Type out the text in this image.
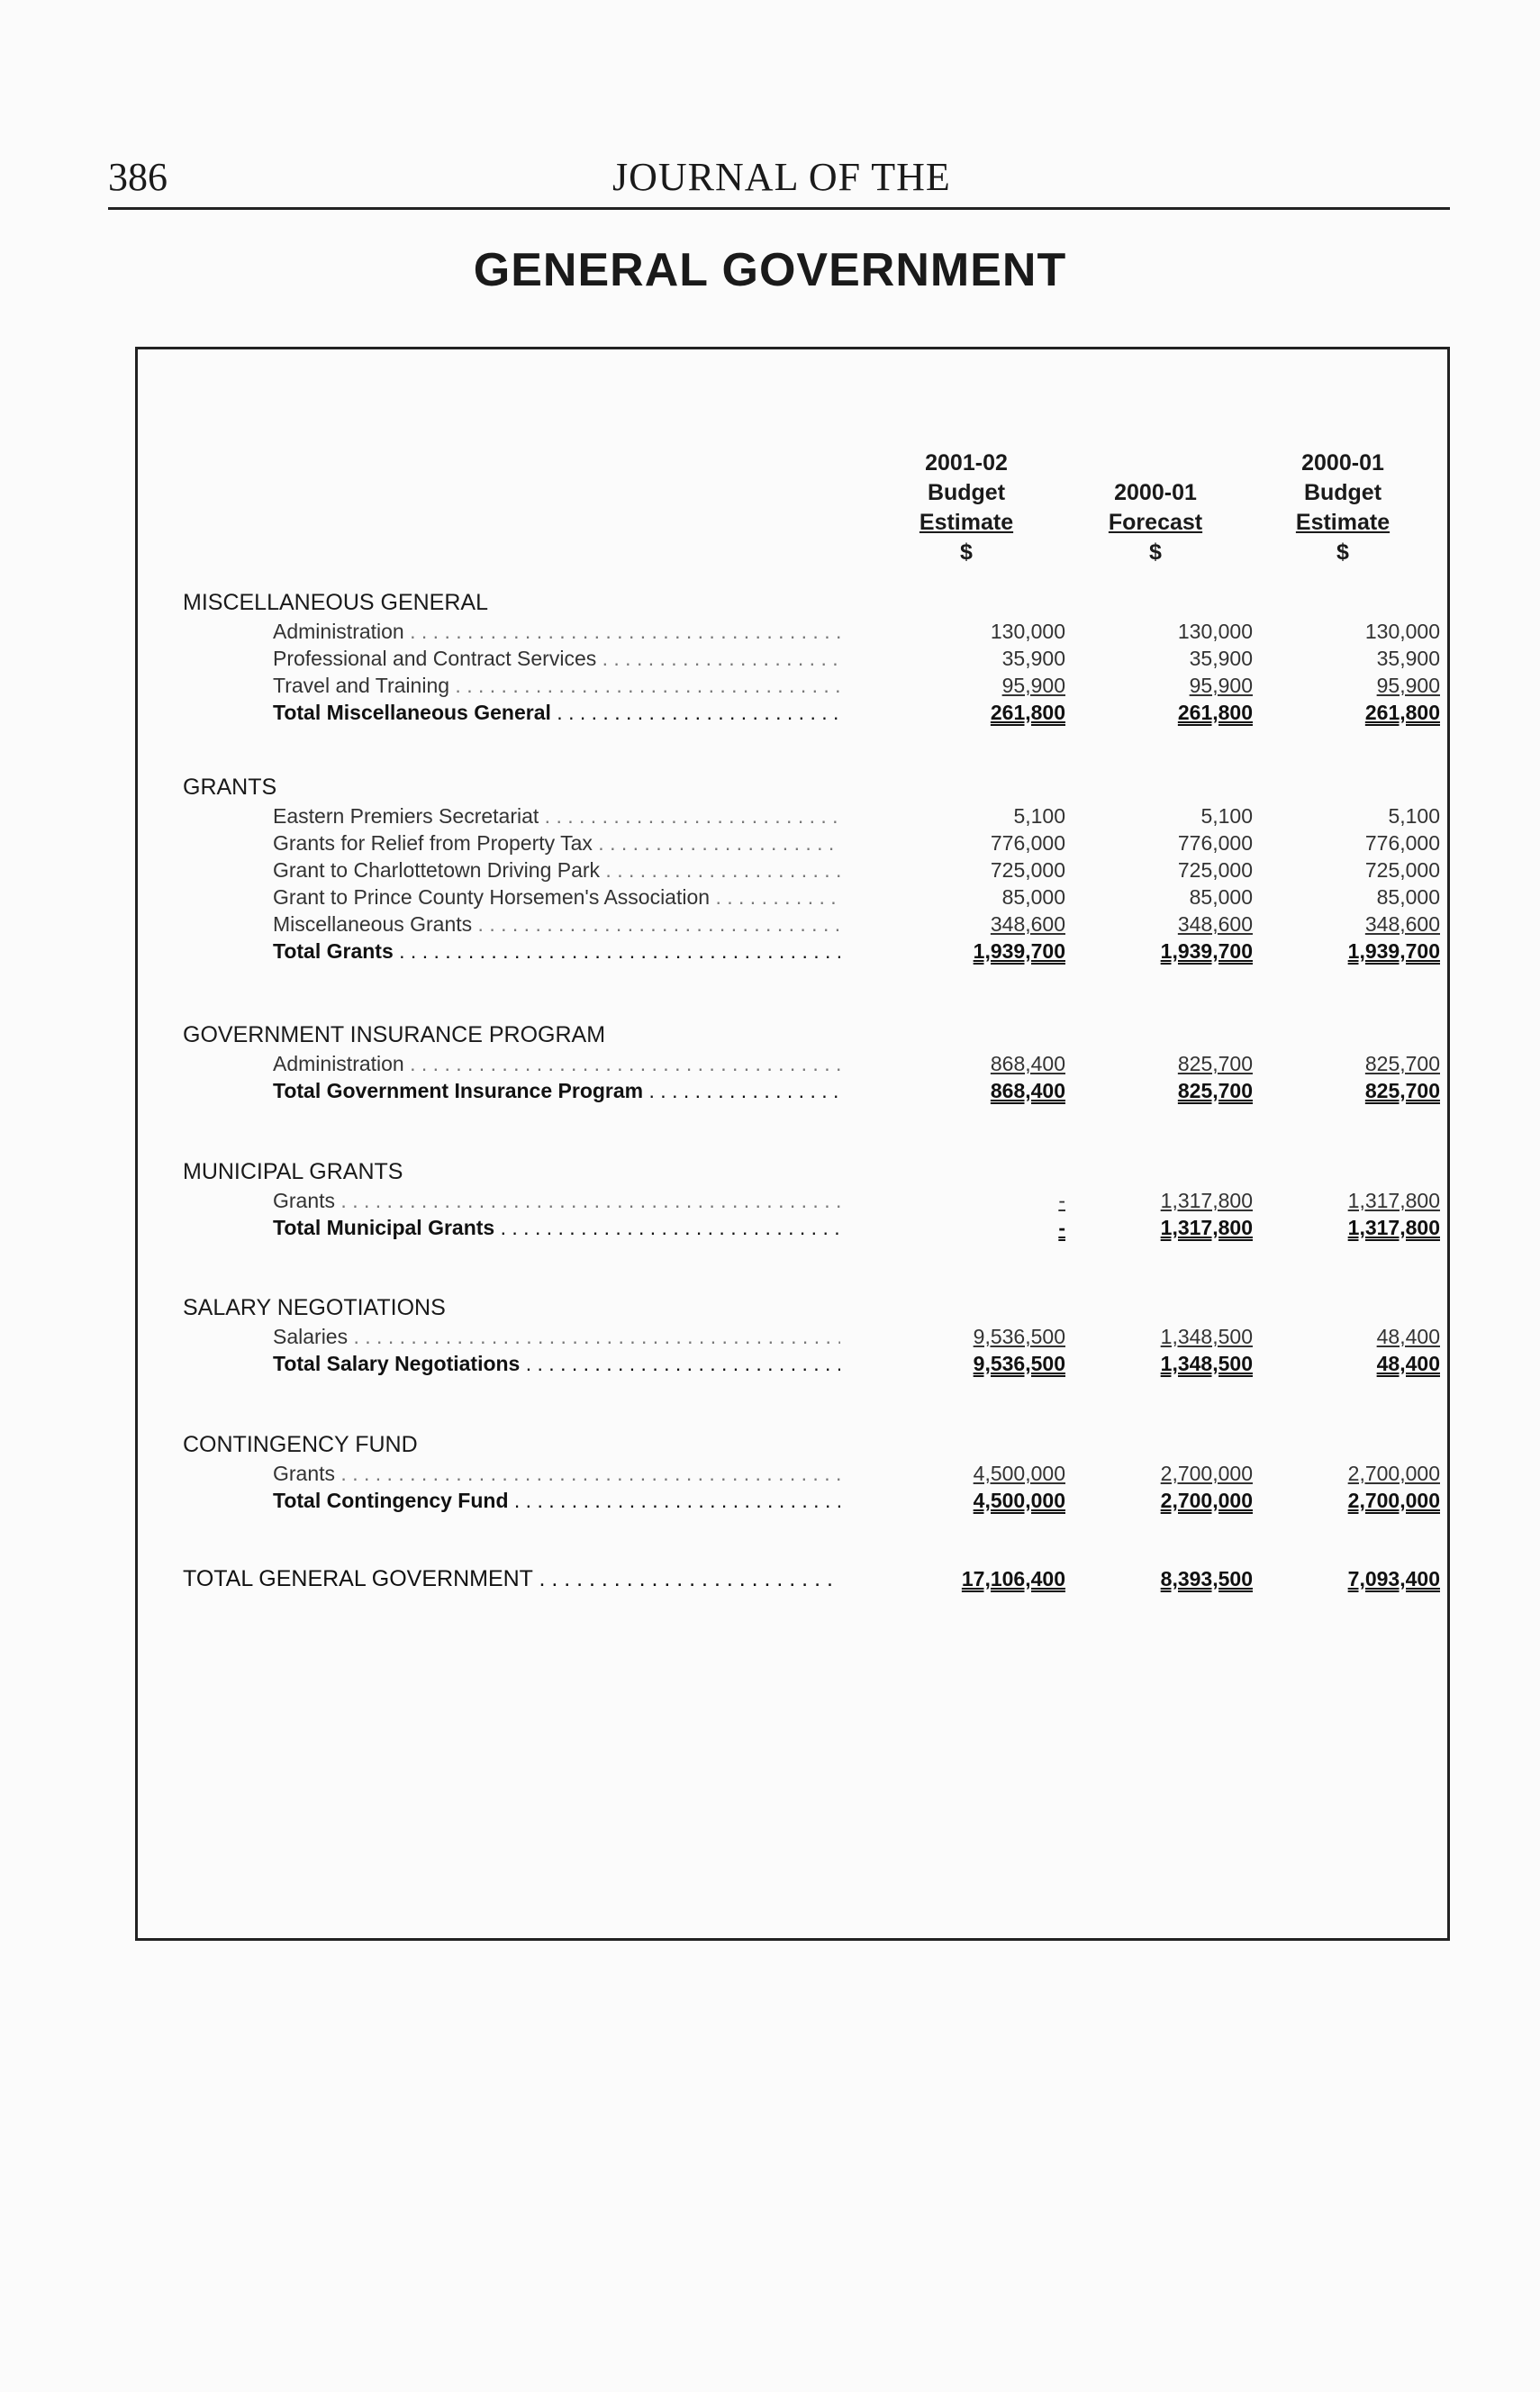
386	JOURNAL OF THE
GENERAL GOVERNMENT
2001-02
Budget
Estimate
$

2000-01
Forecast
$
2000-01
Budget
Estimate
$
MISCELLANEOUS GENERAL
Administration . . .	130,000	130,000	130,000
Professional and Contract Services . . .	35,900	35,900	35,900
Travel and Training . . .	95,900	95,900	95,900
Total Miscellaneous General . . .	261,800	261,800	261,800
GRANTS
Eastern Premiers Secretariat . . .	5,100	5,100	5,100
Grants for Relief from Property Tax . . .	776,000	776,000	776,000
Grant to Charlottetown Driving Park . . .	725,000	725,000	725,000
Grant to Prince County Horsemen's Association . . .	85,000	85,000	85,000
Miscellaneous Grants . . .	348,600	348,600	348,600
Total Grants . . .	1,939,700	1,939,700	1,939,700
GOVERNMENT INSURANCE PROGRAM
Administration . . .	868,400	825,700	825,700
Total Government Insurance Program . . .	868,400	825,700	825,700
MUNICIPAL GRANTS
Grants . . .	-	1,317,800	1,317,800
Total Municipal Grants . . .	-	1,317,800	1,317,800
SALARY NEGOTIATIONS
Salaries . . .	9,536,500	1,348,500	48,400
Total Salary Negotiations . . .	9,536,500	1,348,500	48,400
CONTINGENCY FUND
Grants . . .	4,500,000	2,700,000	2,700,000
Total Contingency Fund . . .	4,500,000	2,700,000	2,700,000
TOTAL GENERAL GOVERNMENT . . .	17,106,400	8,393,500	7,093,400
